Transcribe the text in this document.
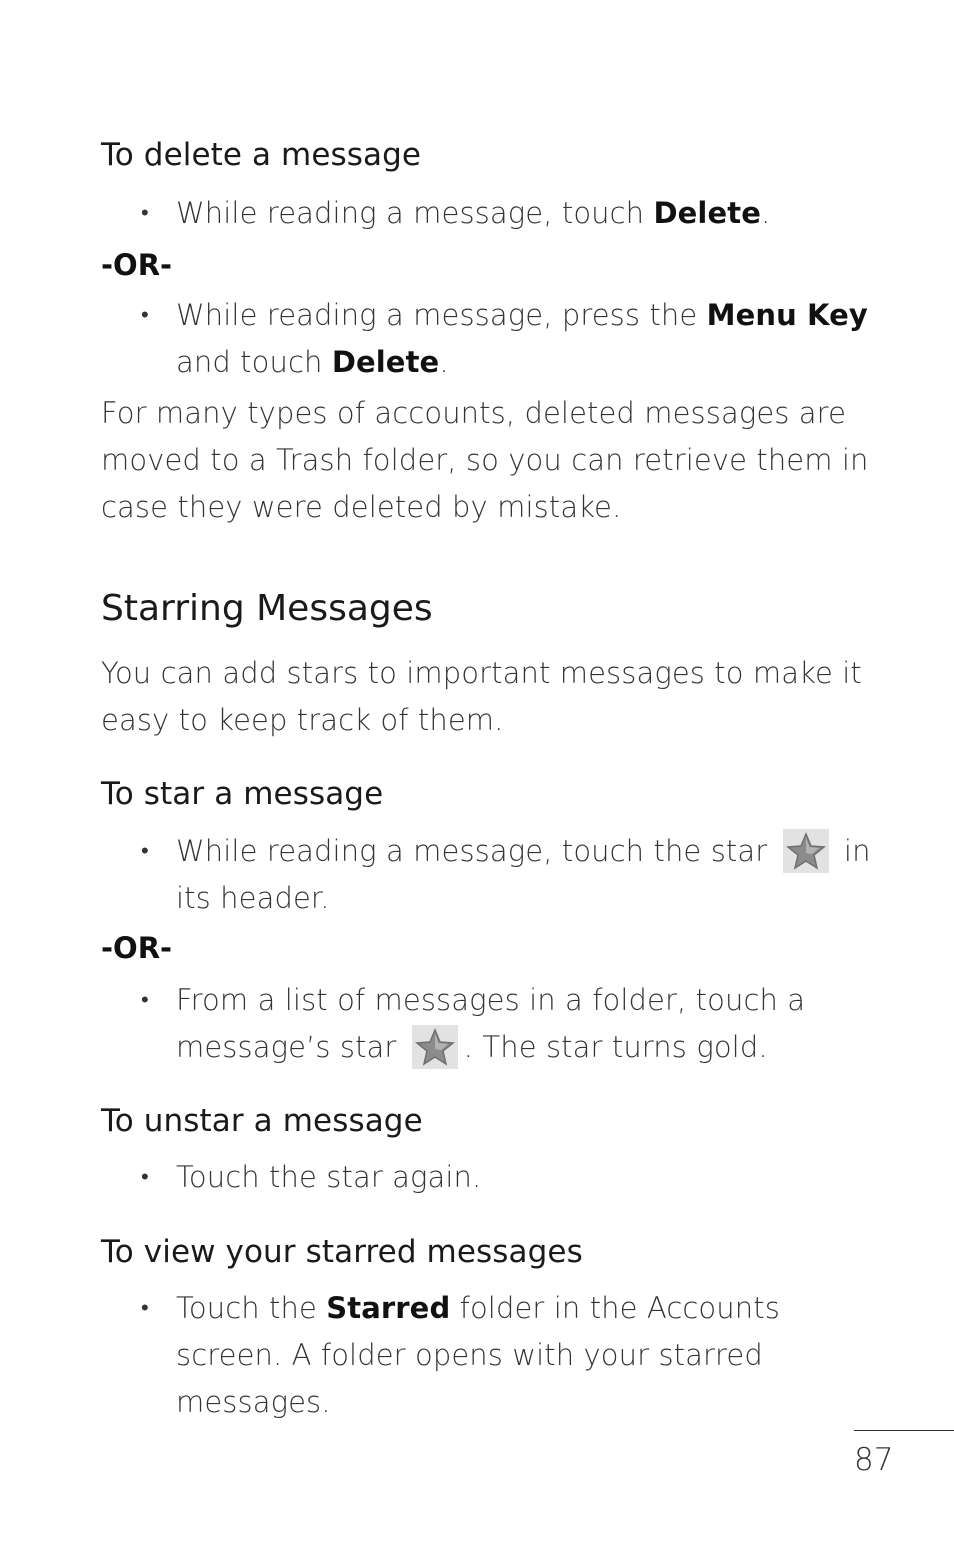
To delete a message

• While reading a message, touch Delete.

-OR-

• While reading a message, press the Menu Key
and touch Delete.

For many types of accounts, deleted messages are

moved to a Trash folder, so you can retrieve them in

case they were deleted by mistake.

Starring Messages

You can add stars to important messages to make it

easy to keep track of them.

To star a message

• While reading a message, touch the star
in
its header.

-OR-

• From a list of messages in a folder, touch a
message’s star
. The star turns gold.

To unstar a message

• Touch the star again.

To view your starred messages

• Touch the Starred folder in the Accounts
screen. A folder opens with your starred
messages.

87
